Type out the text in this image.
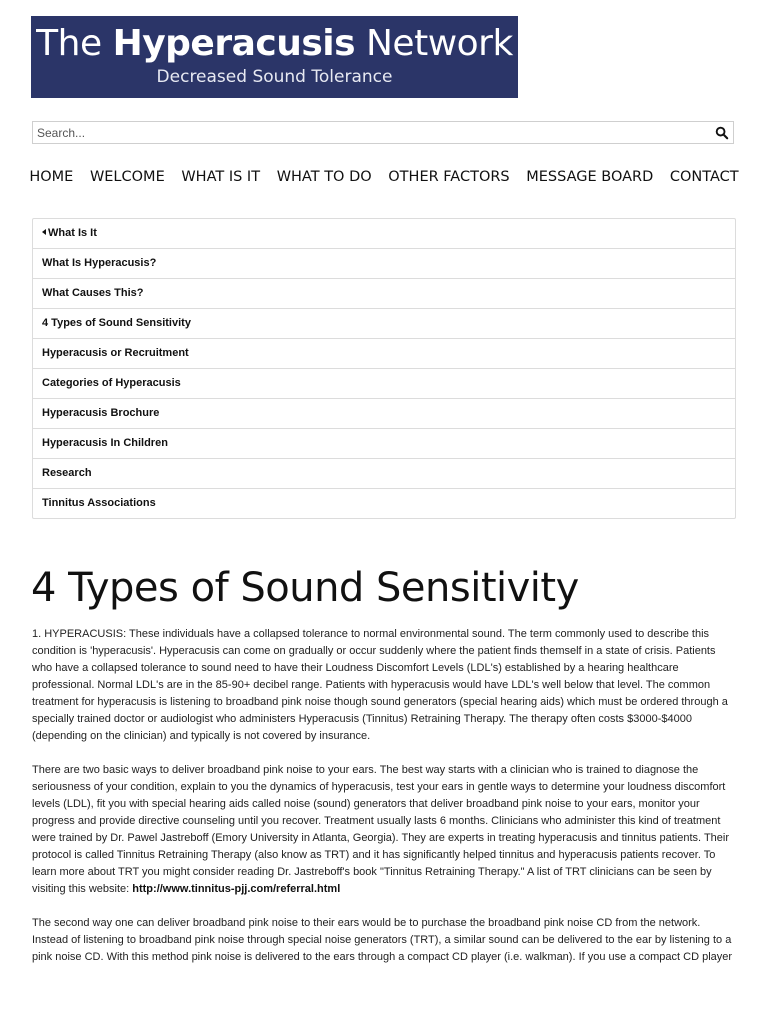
The Hyperacusis Network
Decreased Sound Tolerance
Search...
HOME WELCOME WHAT IS IT WHAT TO DO OTHER FACTORS MESSAGE BOARD CONTACT
What Is It
What Is Hyperacusis?
What Causes This?
4 Types of Sound Sensitivity
Hyperacusis or Recruitment
Categories of Hyperacusis
Hyperacusis Brochure
Hyperacusis In Children
Research
Tinnitus Associations
4 Types of Sound Sensitivity

1. HYPERACUSIS: These individuals have a collapsed tolerance to normal environmental sound. The term commonly used to describe this condition is 'hyperacusis'. Hyperacusis can come on gradually or occur suddenly where the patient finds themself in a state of crisis. Patients who have a collapsed tolerance to sound need to have their Loudness Discomfort Levels (LDL's) established by a hearing healthcare professional. Normal LDL's are in the 85-90+ decibel range. Patients with hyperacusis would have LDL's well below that level. The common treatment for hyperacusis is listening to broadband pink noise though sound generators (special hearing aids) which must be ordered through a specially trained doctor or audiologist who administers Hyperacusis (Tinnitus) Retraining Therapy. The therapy often costs $3000-$4000 (depending on the clinician) and typically is not covered by insurance.

There are two basic ways to deliver broadband pink noise to your ears. The best way starts with a clinician who is trained to diagnose the seriousness of your condition, explain to you the dynamics of hyperacusis, test your ears in gentle ways to determine your loudness discomfort levels (LDL), fit you with special hearing aids called noise (sound) generators that deliver broadband pink noise to your ears, monitor your progress and provide directive counseling until you recover. Treatment usually lasts 6 months. Clinicians who administer this kind of treatment were trained by Dr. Pawel Jastreboff (Emory University in Atlanta, Georgia). They are experts in treating hyperacusis and tinnitus patients. Their protocol is called Tinnitus Retraining Therapy (also know as TRT) and it has significantly helped tinnitus and hyperacusis patients recover. To learn more about TRT you might consider reading Dr. Jastreboff's book "Tinnitus Retraining Therapy." A list of TRT clinicians can be seen by visiting this website: http://www.tinnitus-pjj.com/referral.html

The second way one can deliver broadband pink noise to their ears would be to purchase the broadband pink noise CD from the network. Instead of listening to broadband pink noise through special noise generators (TRT), a similar sound can be delivered to the ear by listening to a pink noise CD. With this method pink noise is delivered to the ears through a compact CD player (i.e. walkman). If you use a compact CD player
